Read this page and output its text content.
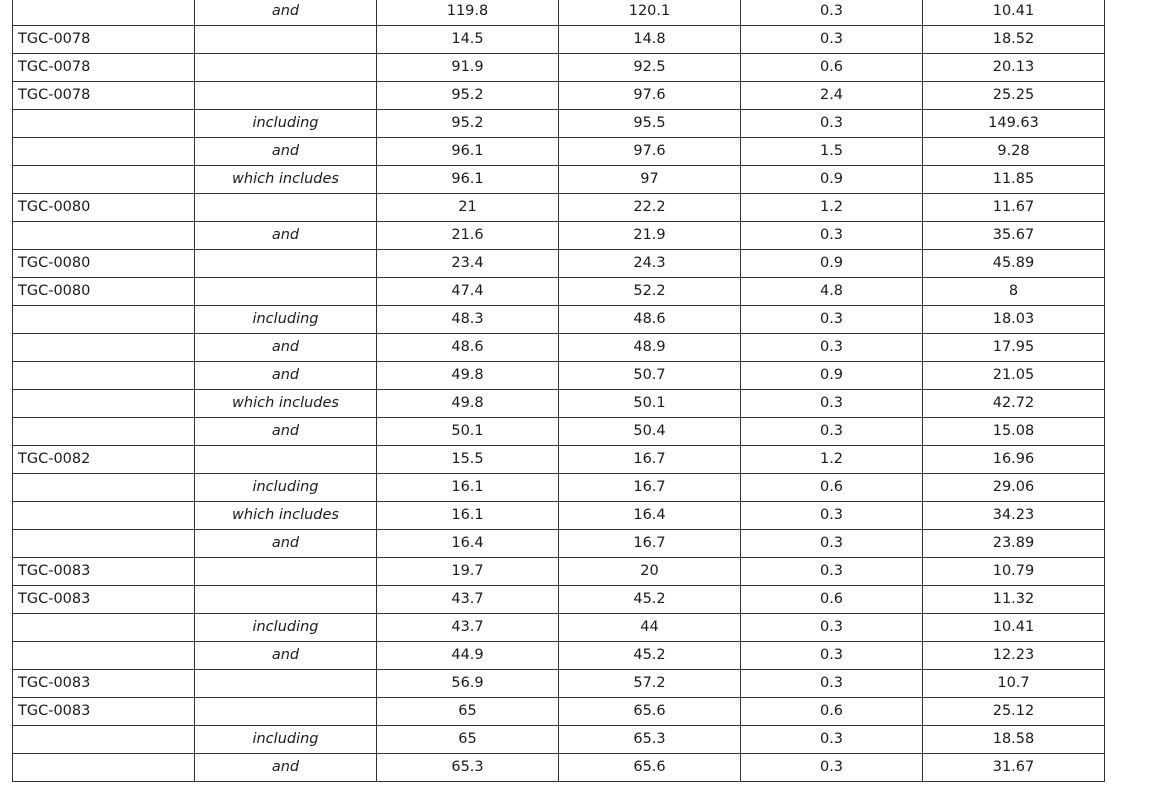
	and	119.8	120.1	0.3	10.41
TGC-0078		14.5	14.8	0.3	18.52
TGC-0078		91.9	92.5	0.6	20.13
TGC-0078		95.2	97.6	2.4	25.25
	including	95.2	95.5	0.3	149.63
	and	96.1	97.6	1.5	9.28
	which includes	96.1	97	0.9	11.85
TGC-0080		21	22.2	1.2	11.67
	and	21.6	21.9	0.3	35.67
TGC-0080		23.4	24.3	0.9	45.89
TGC-0080		47.4	52.2	4.8	8
	including	48.3	48.6	0.3	18.03
	and	48.6	48.9	0.3	17.95
	and	49.8	50.7	0.9	21.05
	which includes	49.8	50.1	0.3	42.72
	and	50.1	50.4	0.3	15.08
TGC-0082		15.5	16.7	1.2	16.96
	including	16.1	16.7	0.6	29.06
	which includes	16.1	16.4	0.3	34.23
	and	16.4	16.7	0.3	23.89
TGC-0083		19.7	20	0.3	10.79
TGC-0083		43.7	45.2	0.6	11.32
	including	43.7	44	0.3	10.41
	and	44.9	45.2	0.3	12.23
TGC-0083		56.9	57.2	0.3	10.7
TGC-0083		65	65.6	0.6	25.12
	including	65	65.3	0.3	18.58
	and	65.3	65.6	0.3	31.67
